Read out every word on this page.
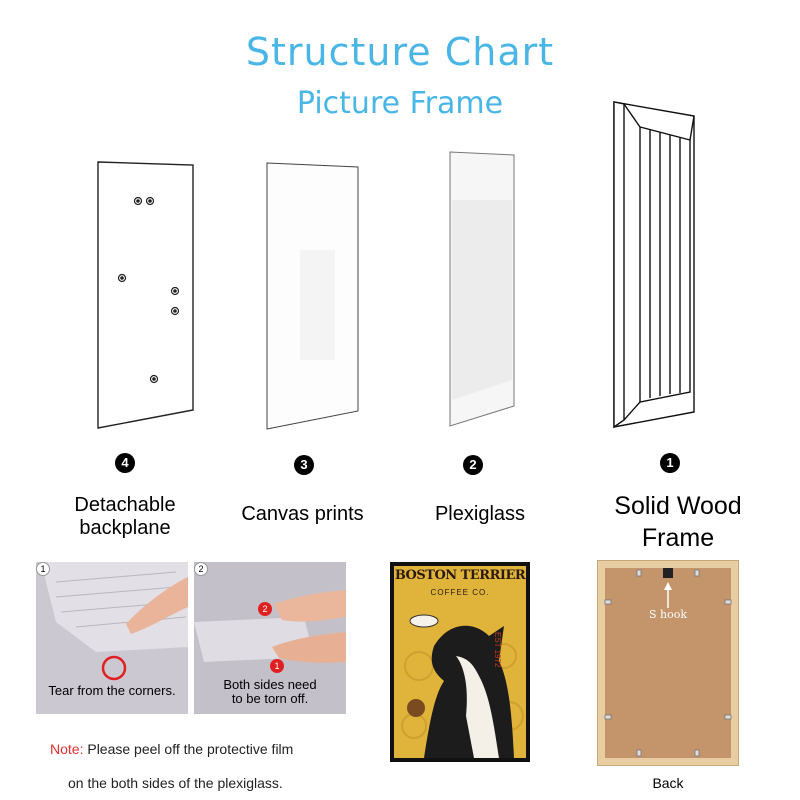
Structure Chart
Picture Frame
4	3	2	1
Detachable
backplane
Canvas prints	Plexiglass	Solid Wood
Frame
1
Tear from the corners.
2
1
2
Both sides need
to be torn off.
Note: Please peel off the protective film
on the both sides of the plexiglass.
BOSTON TERRIER
COFFEE CO.
EST 1972
S hook
Back
